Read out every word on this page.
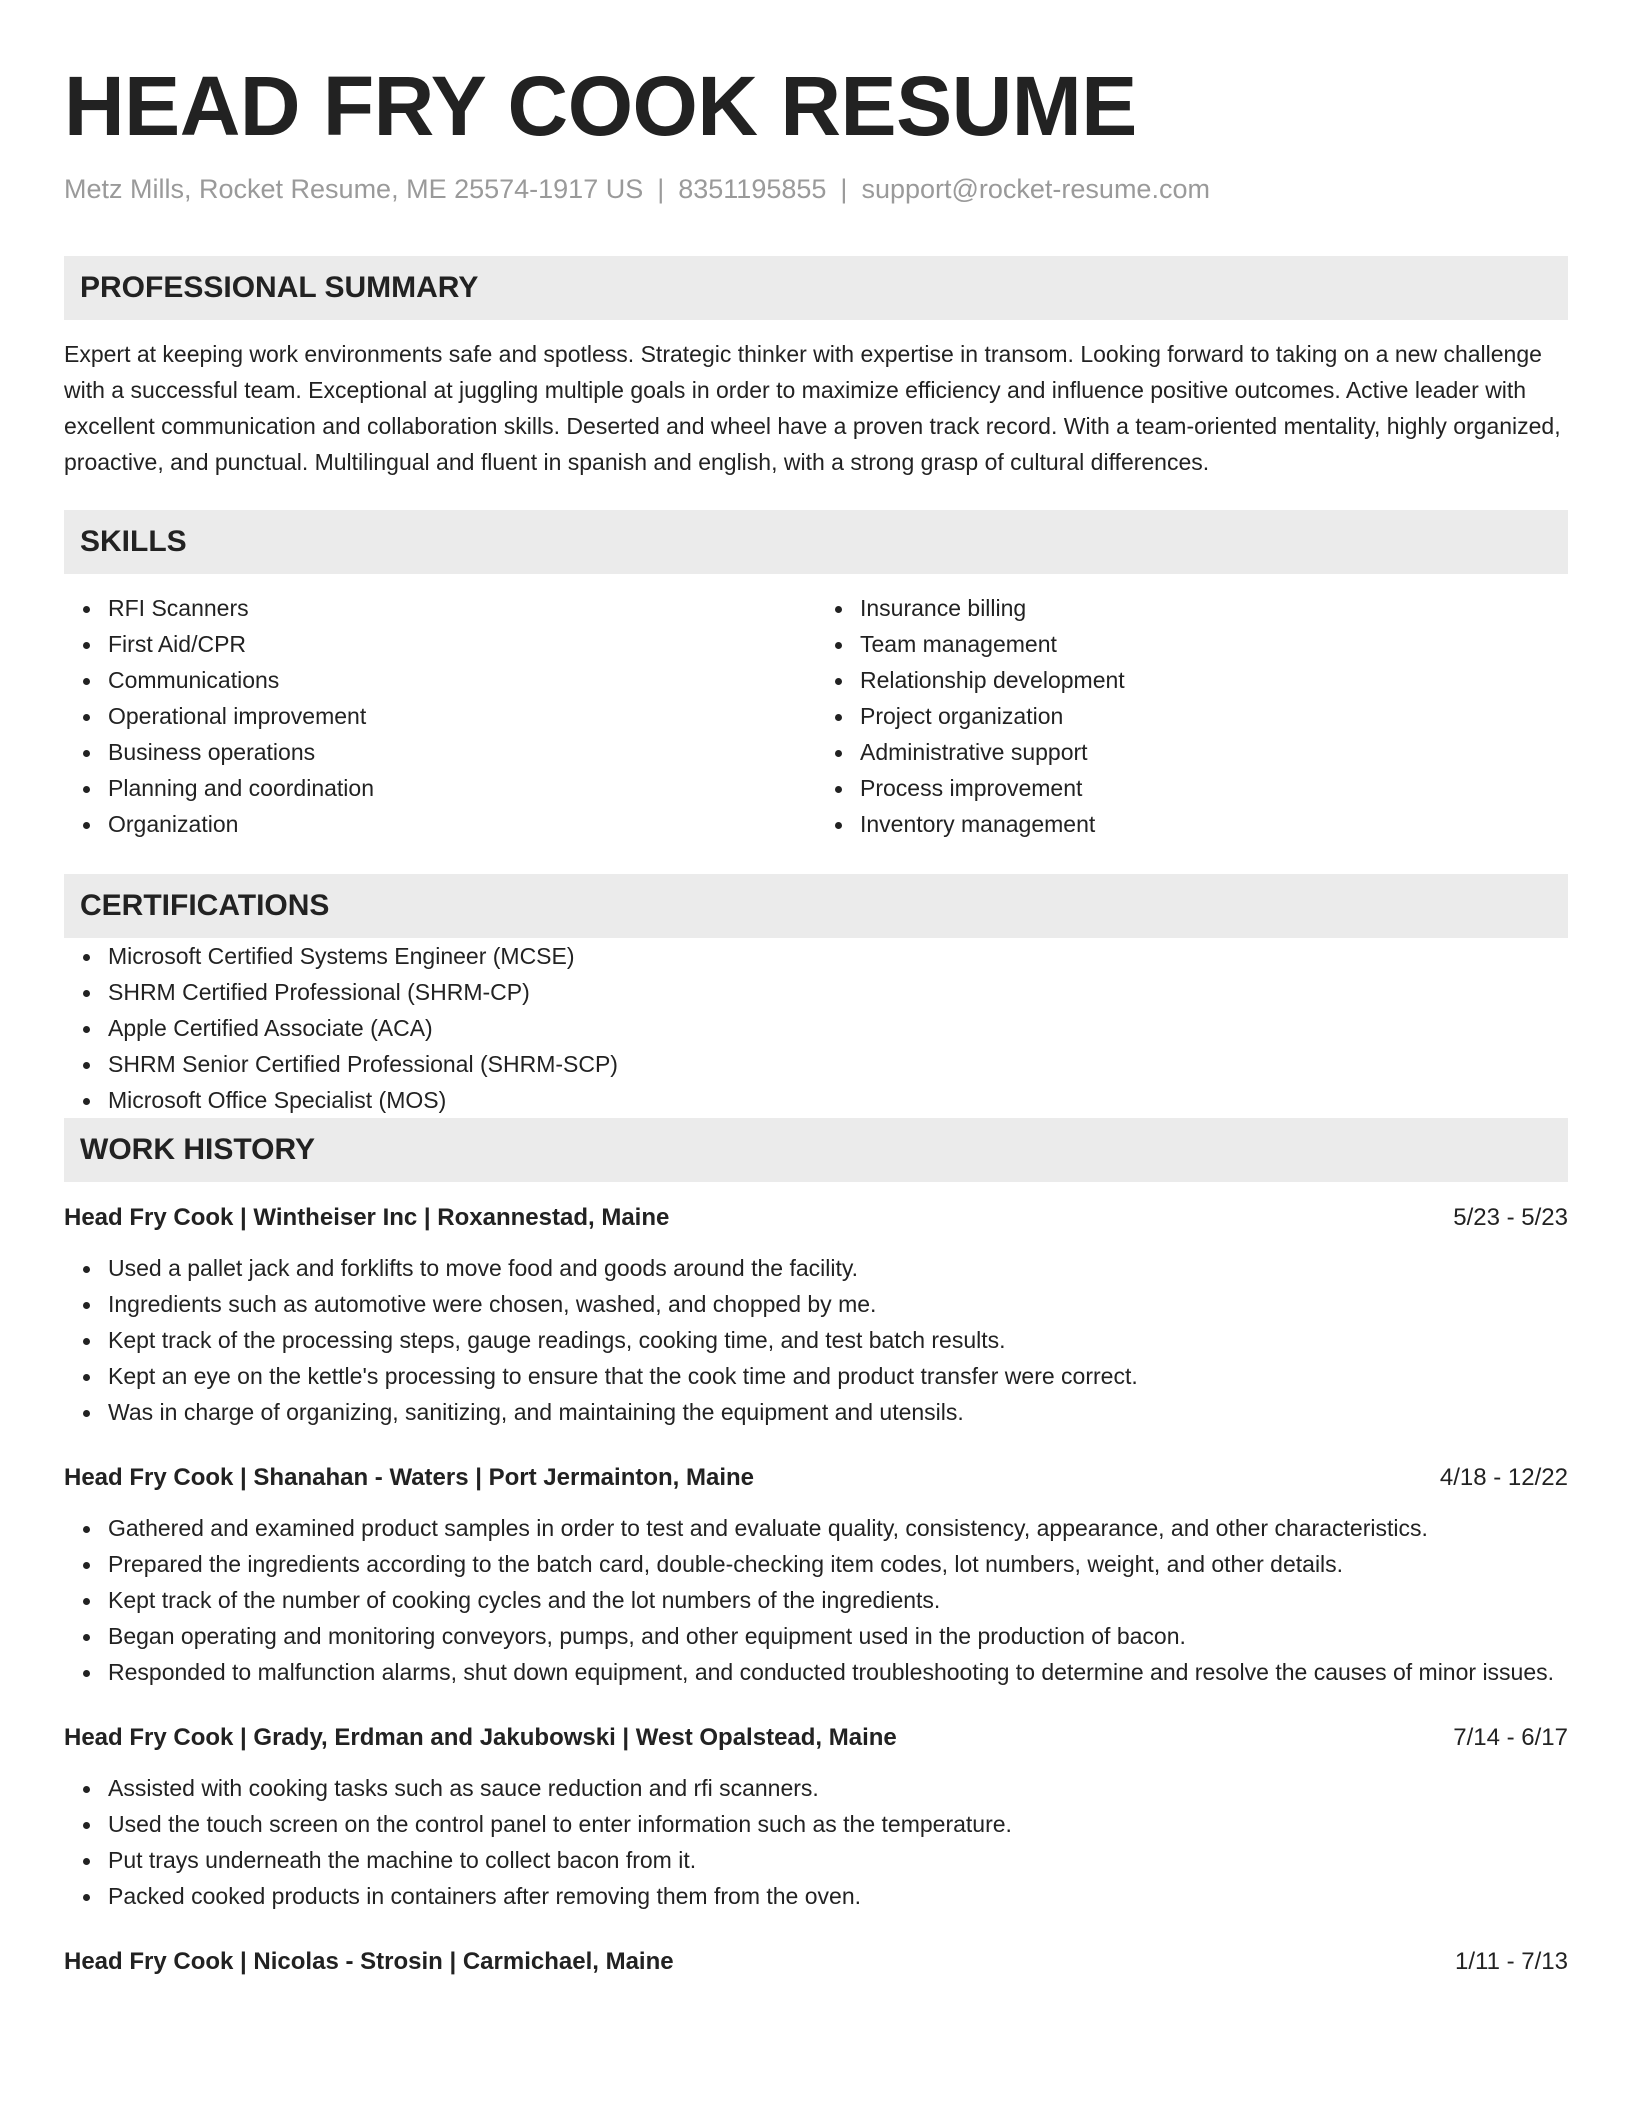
HEAD FRY COOK RESUME
Metz Mills, Rocket Resume, ME 25574-1917 US | 8351195855 | support@rocket-resume.com
PROFESSIONAL SUMMARY

Expert at keeping work environments safe and spotless. Strategic thinker with expertise in transom. Looking forward to taking on a new challenge with a successful team. Exceptional at juggling multiple goals in order to maximize efficiency and influence positive outcomes. Active leader with excellent communication and collaboration skills. Deserted and wheel have a proven track record. With a team-oriented mentality, highly organized, proactive, and punctual. Multilingual and fluent in spanish and english, with a strong grasp of cultural differences.

SKILLS
RFI Scanners
First Aid/CPR
Communications
Operational improvement
Business operations
Planning and coordination
Organization
Insurance billing
Team management
Relationship development
Project organization
Administrative support
Process improvement
Inventory management
CERTIFICATIONS
Microsoft Certified Systems Engineer (MCSE)
SHRM Certified Professional (SHRM-CP)
Apple Certified Associate (ACA)
SHRM Senior Certified Professional (SHRM-SCP)
Microsoft Office Specialist (MOS)
WORK HISTORY
Head Fry Cook | Wintheiser Inc | Roxannestad, Maine	5/23 - 5/23
Used a pallet jack and forklifts to move food and goods around the facility.
Ingredients such as automotive were chosen, washed, and chopped by me.
Kept track of the processing steps, gauge readings, cooking time, and test batch results.
Kept an eye on the kettle's processing to ensure that the cook time and product transfer were correct.
Was in charge of organizing, sanitizing, and maintaining the equipment and utensils.
Head Fry Cook | Shanahan - Waters | Port Jermainton, Maine	4/18 - 12/22
Gathered and examined product samples in order to test and evaluate quality, consistency, appearance, and other characteristics.
Prepared the ingredients according to the batch card, double-checking item codes, lot numbers, weight, and other details.
Kept track of the number of cooking cycles and the lot numbers of the ingredients.
Began operating and monitoring conveyors, pumps, and other equipment used in the production of bacon.
Responded to malfunction alarms, shut down equipment, and conducted troubleshooting to determine and resolve the causes of minor issues.
Head Fry Cook | Grady, Erdman and Jakubowski | West Opalstead, Maine	7/14 - 6/17
Assisted with cooking tasks such as sauce reduction and rfi scanners.
Used the touch screen on the control panel to enter information such as the temperature.
Put trays underneath the machine to collect bacon from it.
Packed cooked products in containers after removing them from the oven.
Head Fry Cook | Nicolas - Strosin | Carmichael, Maine	1/11 - 7/13
